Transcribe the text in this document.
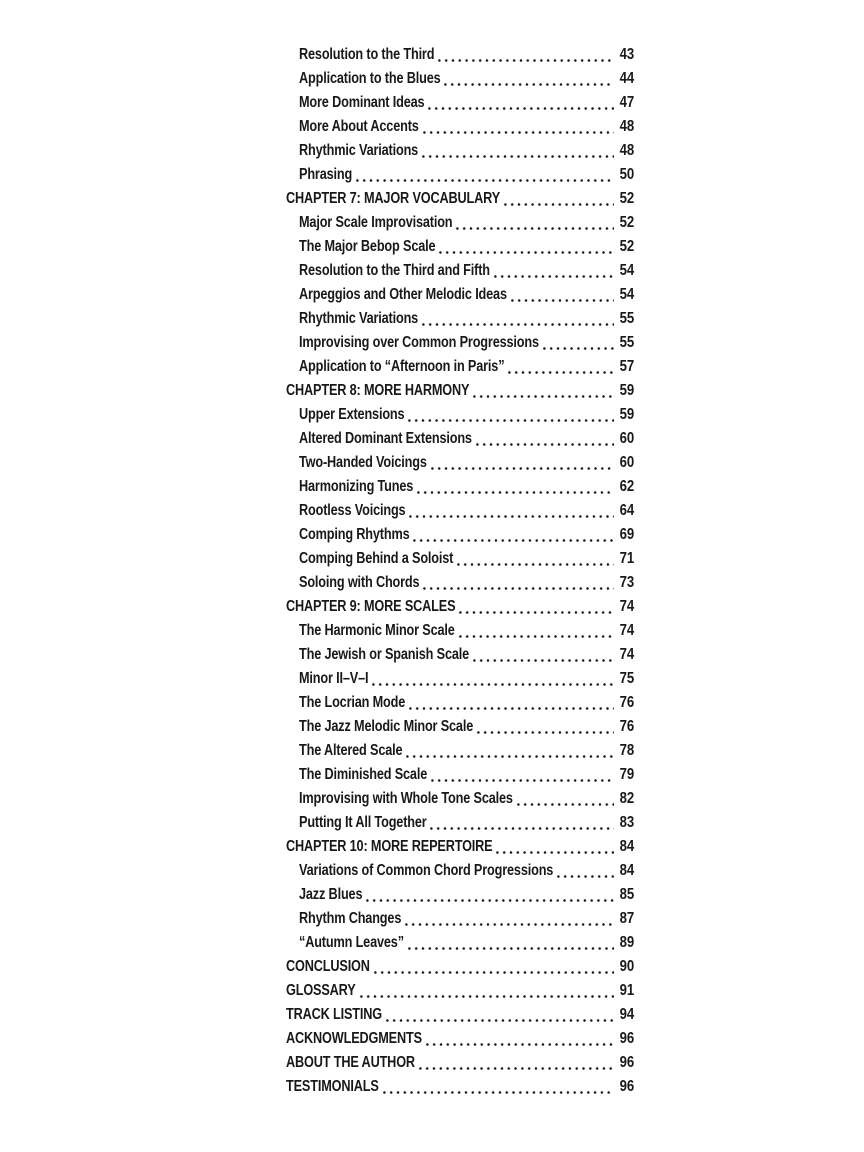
Resolution to the Third	43
Application to the Blues	44
More Dominant Ideas	47
More About Accents	48
Rhythmic Variations	48
Phrasing	50
CHAPTER 7: MAJOR VOCABULARY	52
Major Scale Improvisation	52
The Major Bebop Scale	52
Resolution to the Third and Fifth	54
Arpeggios and Other Melodic Ideas	54
Rhythmic Variations	55
Improvising over Common Progressions	55
Application to “Afternoon in Paris”	57
CHAPTER 8: MORE HARMONY	59
Upper Extensions	59
Altered Dominant Extensions	60
Two-Handed Voicings	60
Harmonizing Tunes	62
Rootless Voicings	64
Comping Rhythms	69
Comping Behind a Soloist	71
Soloing with Chords	73
CHAPTER 9: MORE SCALES	74
The Harmonic Minor Scale	74
The Jewish or Spanish Scale	74
Minor II–V–I	75
The Locrian Mode	76
The Jazz Melodic Minor Scale	76
The Altered Scale	78
The Diminished Scale	79
Improvising with Whole Tone Scales	82
Putting It All Together	83
CHAPTER 10: MORE REPERTOIRE	84
Variations of Common Chord Progressions	84
Jazz Blues	85
Rhythm Changes	87
“Autumn Leaves”	89
CONCLUSION	90
GLOSSARY	91
TRACK LISTING	94
ACKNOWLEDGMENTS	96
ABOUT THE AUTHOR	96
TESTIMONIALS	96
